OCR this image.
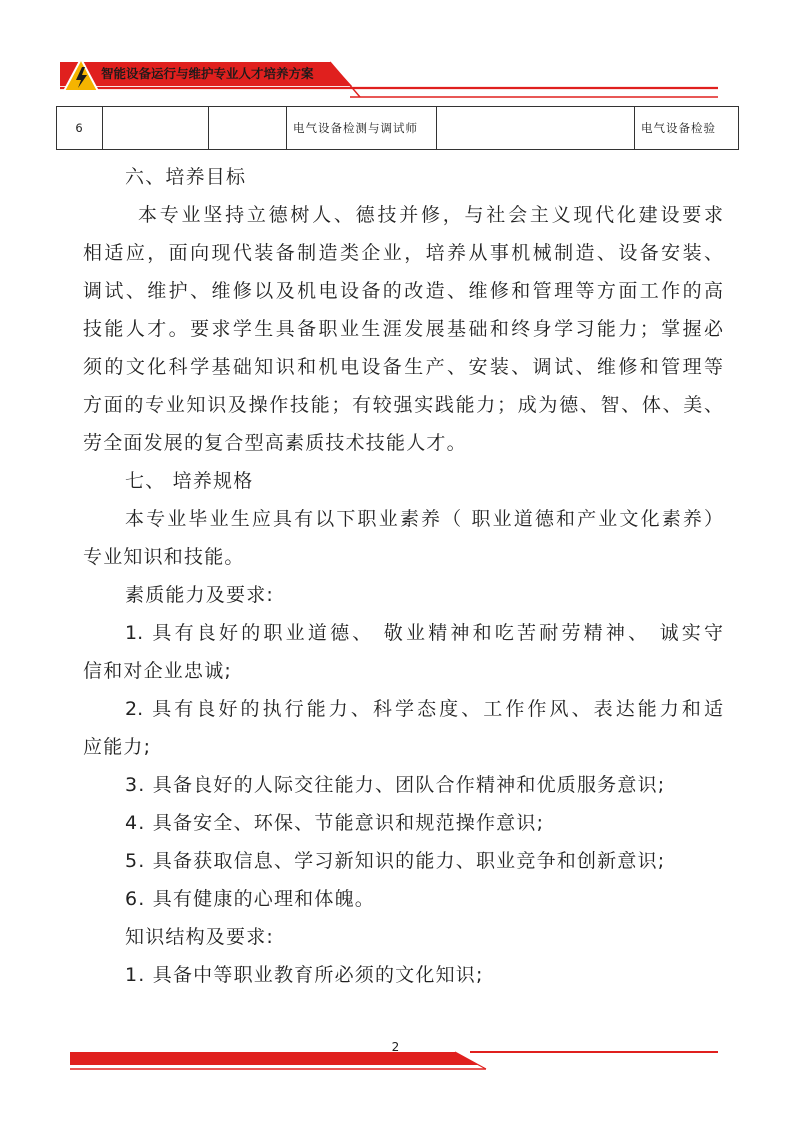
智能设备运行与维护专业人才培养方案
6			电气设备检测与调试师		电气设备检验
六、培养目标
本专业坚持立德树人、德技并修，与社会主义现代化建设要求
相适应，面向现代装备制造类企业，培养从事机械制造、设备安装、
调试、维护、维修以及机电设备的改造、维修和管理等方面工作的高
技能人才。要求学生具备职业生涯发展基础和终身学习能力；掌握必
须的文化科学基础知识和机电设备生产、安装、调试、维修和管理等
方面的专业知识及操作技能；有较强实践能力；成为德、智、体、美、
劳全面发展的复合型高素质技术技能人才。
七、 培养规格
本专业毕业生应具有以下职业素养（ 职业道德和产业文化素养）
专业知识和技能。
素质能力及要求:
1. 具有良好的职业道德、 敬业精神和吃苦耐劳精神、 诚实守
信和对企业忠诚;
2. 具有良好的执行能力、科学态度、工作作风、表达能力和适
应能力;
3. 具备良好的人际交往能力、团队合作精神和优质服务意识;
4. 具备安全、环保、节能意识和规范操作意识;
5. 具备获取信息、学习新知识的能力、职业竞争和创新意识;
6. 具有健康的心理和体魄。
知识结构及要求:
1. 具备中等职业教育所必须的文化知识;
2
